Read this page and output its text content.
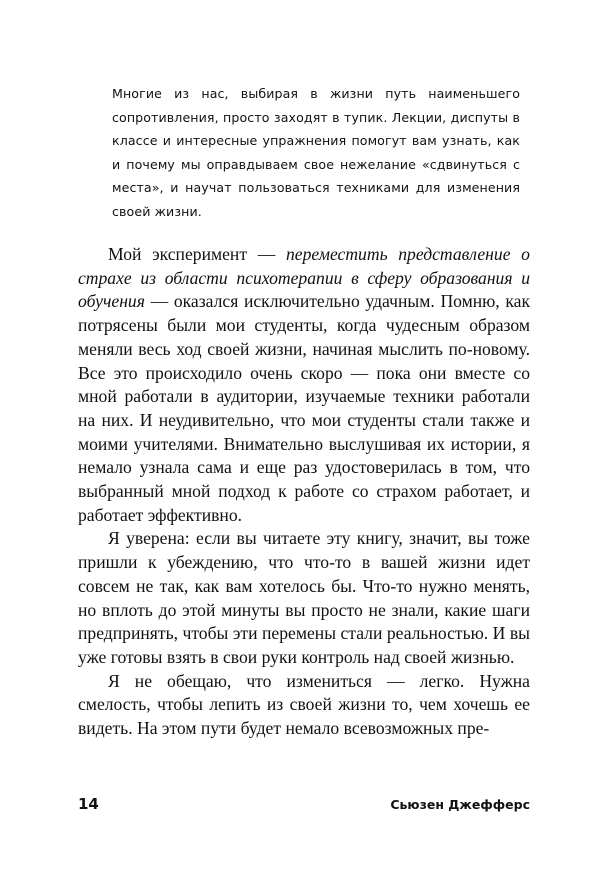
Многие из нас, выбирая в жизни путь наименьшего сопротивления, просто заходят в тупик. Лекции, диспуты в классе и интересные упражнения помогут вам узнать, как и почему мы оправдываем свое нежелание «сдвинуться с места», и научат пользоваться техниками для изменения своей жизни.

Мой эксперимент — переместить представление о страхе из области психотерапии в сферу образования и обучения — оказался исключительно удачным. Помню, как потрясены были мои студенты, когда чудесным образом меняли весь ход своей жизни, начиная мыслить по-новому. Все это происходило очень скоро — пока они вместе со мной работали в аудитории, изучаемые техники работали на них. И неудивительно, что мои студенты стали также и моими учителями. Внимательно выслушивая их истории, я немало узнала сама и еще раз удостоверилась в том, что выбранный мной подход к работе со страхом работает, и работает эффективно.

Я уверена: если вы читаете эту книгу, значит, вы тоже пришли к убеждению, что что-то в вашей жизни идет совсем не так, как вам хотелось бы. Что-то нужно менять, но вплоть до этой минуты вы просто не знали, какие шаги предпринять, чтобы эти перемены стали реальностью. И вы уже готовы взять в свои руки контроль над своей жизнью.

Я не обещаю, что измениться — легко. Нужна смелость, чтобы лепить из своей жизни то, чем хочешь ее видеть. На этом пути будет немало всевозможных пре-

14	Сьюзен Джефферс
